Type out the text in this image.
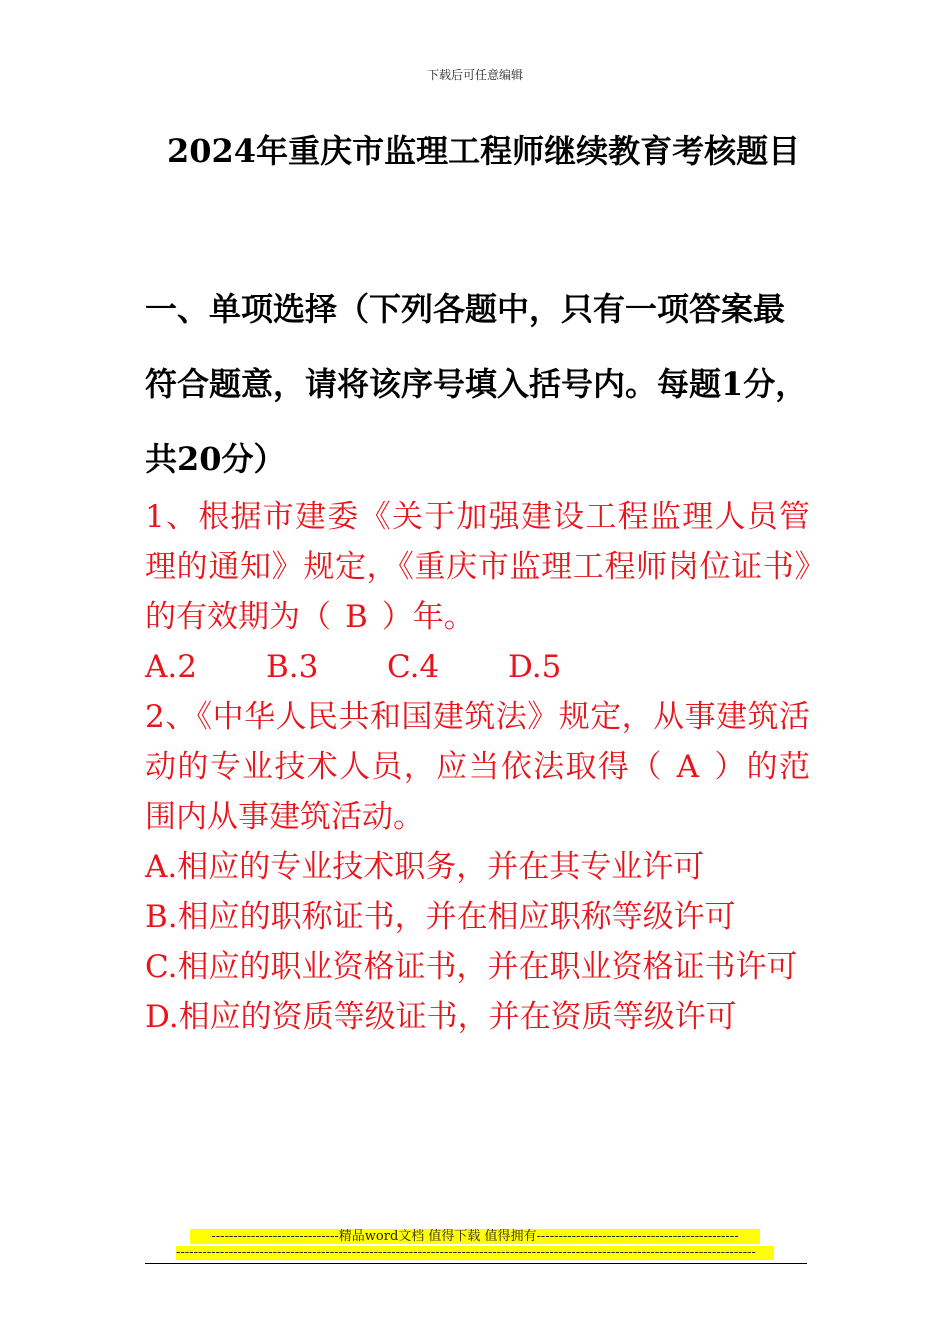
下载后可任意编辑
2024年重庆市监理工程师继续教育考核题目
一、单项选择（下列各题中，只有一项答案最符合题意，请将该序号填入括号内。每题1分，共20分）

1、根据市建委《关于加强建设工程监理人员管理的通知》规定，《重庆市监理工程师岗位证书》的有效期为（ B ）年。

A.2	B.3	C.4	D.5

2、《中华人民共和国建筑法》规定，从事建筑活动的专业技术人员，应当依法取得（ A ）的范围内从事建筑活动。

A.相应的专业技术职务，并在其专业许可

B.相应的职称证书，并在相应职称等级许可

C.相应的职业资格证书，并在职业资格证书许可

D.相应的资质等级证书，并在资质等级许可

-----------------------------精品word文档 值得下载 值得拥有----------------------------------------------
------------------------------------------------------------------------------------------------------------------------------------
